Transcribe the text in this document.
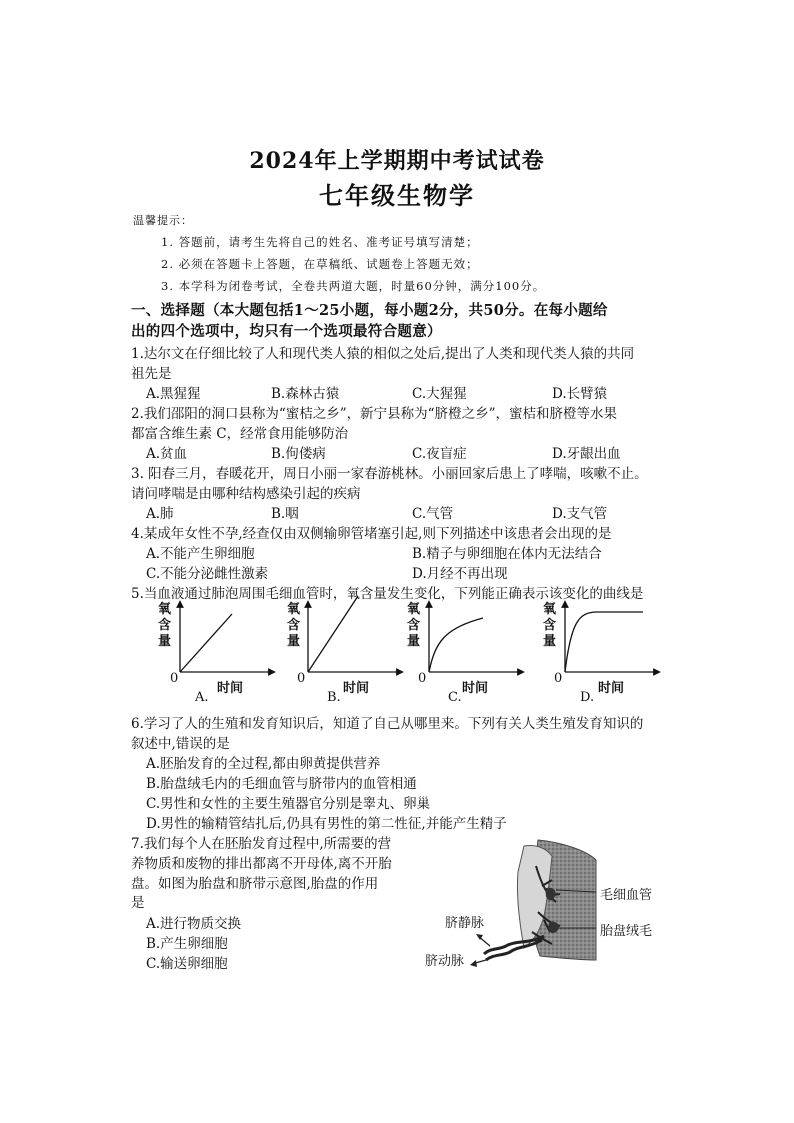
2024年上学期期中考试试卷
七年级生物学
温馨提示：
1. 答题前，请考生先将自己的姓名、准考证号填写清楚；
2. 必须在答题卡上答题，在草稿纸、试题卷上答题无效；
3. 本学科为闭卷考试，全卷共两道大题，时量60分钟，满分100分。
一、选择题（本大题包括1～25小题，每小题2分，共50分。在每小题给
出的四个选项中，均只有一个选项最符合题意）
1.达尔文在仔细比较了人和现代类人猿的相似之处后,提出了人类和现代类人猿的共同
祖先是
A.黑猩猩	B.森林古猿	C.大猩猩	D.长臂猿
2.我们邵阳的洞口县称为“蜜桔之乡”，新宁县称为“脐橙之乡”，蜜桔和脐橙等水果
都富含维生素 C，经常食用能够防治
A.贫血	B.佝偻病	C.夜盲症	D.牙龈出血
3. 阳春三月，春暖花开，周日小丽一家春游桃林。小丽回家后患上了哮喘，咳嗽不止。
请问哮喘是由哪种结构感染引起的疾病
A.肺	B.咽	C.气管	D.支气管
4.某成年女性不孕,经查仅由双侧输卵管堵塞引起,则下列描述中该患者会出现的是
A.不能产生卵细胞	B.精子与卵细胞在体内无法结合
C.不能分泌雌性激素	D.月经不再出现
5.当血液通过肺泡周围毛细血管时，氧含量发生变化，下列能正确表示该变化的曲线是
氧
含
量
0
时间
A.
氧
含
量
0
时间
B.
氧
含
量
0
时间
C.
氧
含
量
0
时间
D.
6.学习了人的生殖和发育知识后，知道了自己从哪里来。下列有关人类生殖发育知识的
叙述中,错误的是
A.胚胎发育的全过程,都由卵黄提供营养
B.胎盘绒毛内的毛细血管与脐带内的血管相通
C.男性和女性的主要生殖器官分别是睾丸、卵巢
D.男性的输精管结扎后,仍具有男性的第二性征,并能产生精子
7.我们每个人在胚胎发育过程中,所需要的营
养物质和废物的排出都离不开母体,离不开胎
盘。如图为胎盘和脐带示意图,胎盘的作用
是
A.进行物质交换
B.产生卵细胞
C.输送卵细胞
毛细血管
胎盘绒毛
脐静脉
脐动脉
